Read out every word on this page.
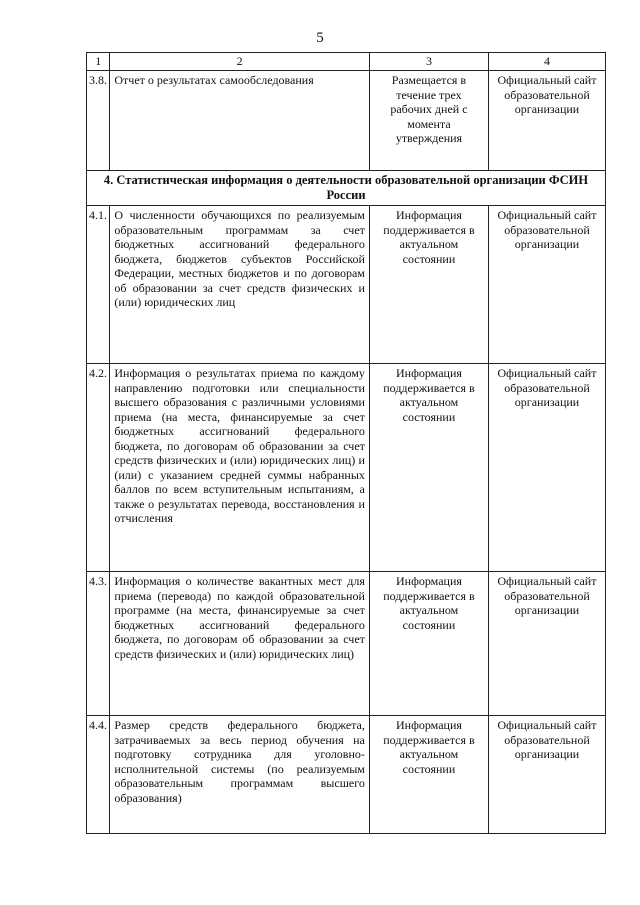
5
1	2	3	4
3.8.	Отчет о результатах самообследования	Размещается в течение трех рабочих дней с момента утверждения	Официальный сайт образовательной организации
4. Статистическая информация о деятельности образовательной организации ФСИН России			
4.1.	О численности обучающихся по реализуемым образовательным программам за счет бюджетных ассигнований федерального бюджета, бюджетов субъектов Российской Федерации, местных бюджетов и по договорам об образовании за счет средств физических и (или) юридических лиц	Информация поддерживается в актуальном состоянии	Официальный сайт образовательной организации
4.2.	Информация о результатах приема по каждому направлению подготовки или специальности высшего образования с различными условиями приема (на места, финансируемые за счет бюджетных ассигнований федерального бюджета, по договорам об образовании за счет средств физических и (или) юридических лиц) и (или) с указанием средней суммы набранных баллов по всем вступительным испытаниям, а также о результатах перевода, восстановления и отчисления	Информация поддерживается в актуальном состоянии	Официальный сайт образовательной организации
4.3.	Информация о количестве вакантных мест для приема (перевода) по каждой образовательной программе (на места, финансируемые за счет бюджетных ассигнований федерального бюджета, по договорам об образовании за счет средств физических и (или) юридических лиц)	Информация поддерживается в актуальном состоянии	Официальный сайт образовательной организации
4.4.	Размер средств федерального бюджета, затрачиваемых за весь период обучения на подготовку сотрудника для уголовно-исполнительной системы (по реализуемым образовательным программам высшего образования)	Информация поддерживается в актуальном состоянии	Официальный сайт образовательной организации
